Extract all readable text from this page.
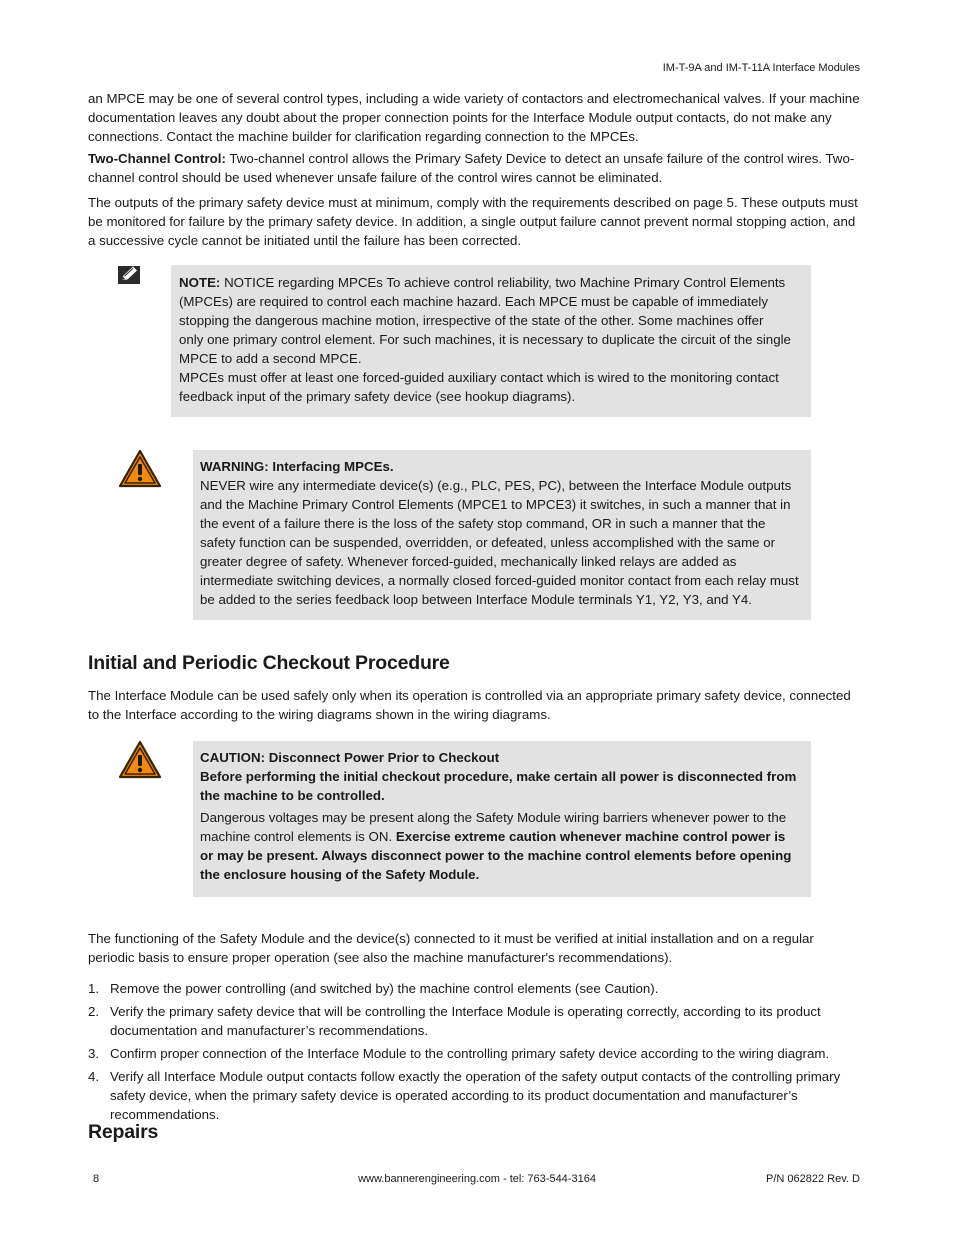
IM-T-9A and IM-T-11A Interface Modules

an MPCE may be one of several control types, including a wide variety of contactors and electromechanical valves. If your machine documentation leaves any doubt about the proper connection points for the Interface Module output contacts, do not make any connections. Contact the machine builder for clarification regarding connection to the MPCEs.

Two-Channel Control: Two-channel control allows the Primary Safety Device to detect an unsafe failure of the control wires. Two-channel control should be used whenever unsafe failure of the control wires cannot be eliminated.

The outputs of the primary safety device must at minimum, comply with the requirements described on page 5. These outputs must be monitored for failure by the primary safety device. In addition, a single output failure cannot prevent normal stopping action, and a successive cycle cannot be initiated until the failure has been corrected.

NOTE: NOTICE regarding MPCEs To achieve control reliability, two Machine Primary Control Elements (MPCEs) are required to control each machine hazard. Each MPCE must be capable of immediately stopping the dangerous machine motion, irrespective of the state of the other. Some machines offer only one primary control element. For such machines, it is necessary to duplicate the circuit of the single MPCE to add a second MPCE.

MPCEs must offer at least one forced-guided auxiliary contact which is wired to the monitoring contact feedback input of the primary safety device (see hookup diagrams).

WARNING: Interfacing MPCEs.

NEVER wire any intermediate device(s) (e.g., PLC, PES, PC), between the Interface Module outputs and the Machine Primary Control Elements (MPCE1 to MPCE3) it switches, in such a manner that in the event of a failure there is the loss of the safety stop command, OR in such a manner that the safety function can be suspended, overridden, or defeated, unless accomplished with the same or greater degree of safety. Whenever forced-guided, mechanically linked relays are added as intermediate switching devices, a normally closed forced-guided monitor contact from each relay must be added to the series feedback loop between Interface Module terminals Y1, Y2, Y3, and Y4.

Initial and Periodic Checkout Procedure

The Interface Module can be used safely only when its operation is controlled via an appropriate primary safety device, connected to the Interface according to the wiring diagrams shown in the wiring diagrams.

CAUTION: Disconnect Power Prior to Checkout

Before performing the initial checkout procedure, make certain all power is disconnected from the machine to be controlled.

Dangerous voltages may be present along the Safety Module wiring barriers whenever power to the machine control elements is ON. Exercise extreme caution whenever machine control power is or may be present. Always disconnect power to the machine control elements before opening the enclosure housing of the Safety Module.

The functioning of the Safety Module and the device(s) connected to it must be verified at initial installation and on a regular periodic basis to ensure proper operation (see also the machine manufacturer's recommendations).

1. Remove the power controlling (and switched by) the machine control elements (see Caution).
2. Verify the primary safety device that will be controlling the Interface Module is operating correctly, according to its product documentation and manufacturer’s recommendations.
3. Confirm proper connection of the Interface Module to the controlling primary safety device according to the wiring diagram.
4. Verify all Interface Module output contacts follow exactly the operation of the safety output contacts of the controlling primary safety device, when the primary safety device is operated according to its product documentation and manufacturer’s recommendations.
Repairs
8	www.bannerengineering.com - tel: 763-544-3164	P/N 062822 Rev. D
